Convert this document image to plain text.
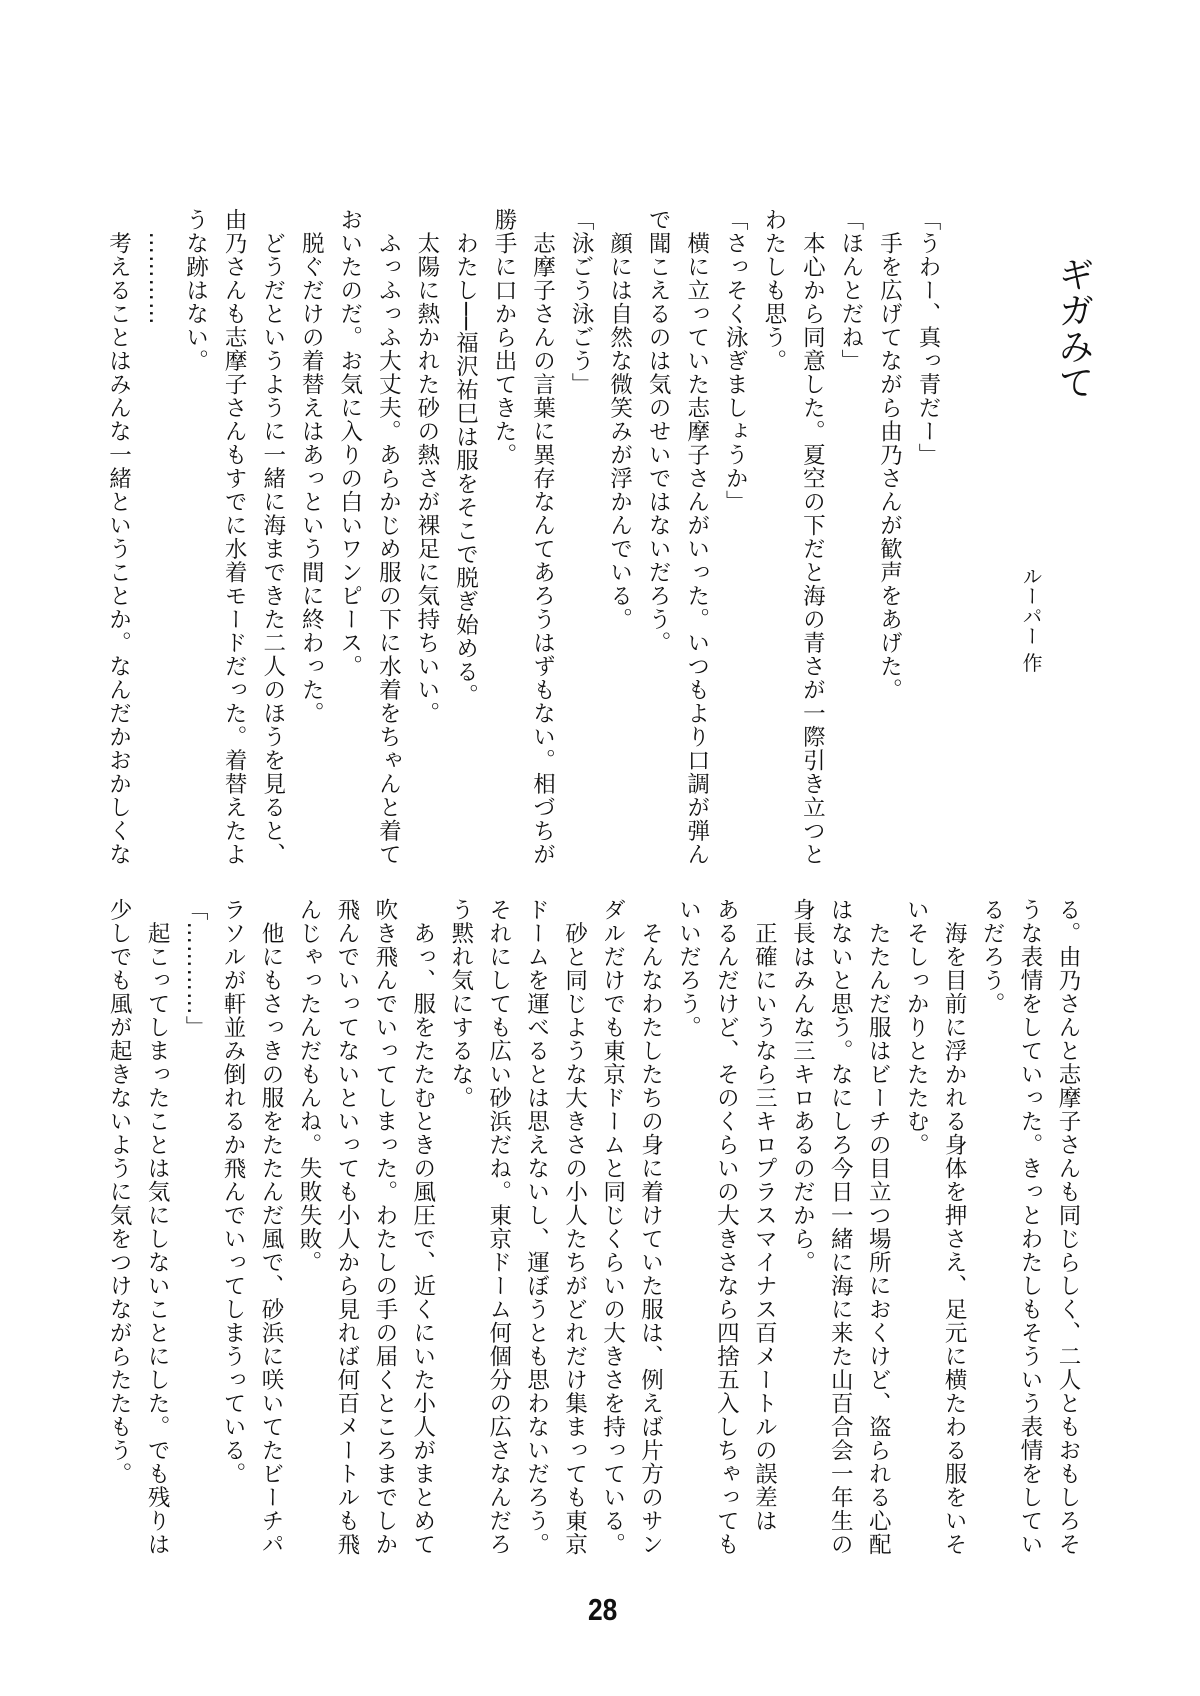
ギガみて
ルーパー 作
「うわー、真っ青だー」
　手を広げてながら由乃さんが歓声をあげた。
「ほんとだね」
　本心から同意した。夏空の下だと海の青さが一際引き立つと
わたしも思う。
「さっそく泳ぎましょうか」
　横に立っていた志摩子さんがいった。いつもより口調が弾ん
で聞こえるのは気のせいではないだろう。
　顔には自然な微笑みが浮かんでいる。
「泳ごう泳ごう」
　志摩子さんの言葉に異存なんてあろうはずもない。相づちが
勝手に口から出てきた。
　わたし──福沢祐巳は服をそこで脱ぎ始める。
　太陽に熱かれた砂の熱さが裸足に気持ちいい。
　ふっふっふ大丈夫。あらかじめ服の下に水着をちゃんと着て
おいたのだ。お気に入りの白いワンピース。
　脱ぐだけの着替えはあっという間に終わった。
　どうだというように一緒に海まできた二人のほうを見ると、
由乃さんも志摩子さんもすでに水着モードだった。着替えたよ
うな跡はない。
　…………
　考えることはみんな一緒ということか。なんだかおかしくな
る。由乃さんと志摩子さんも同じらしく、二人ともおもしろそ
うな表情をしていった。きっとわたしもそういう表情をしてい
るだろう。
　海を目前に浮かれる身体を押さえ、足元に横たわる服をいそ
いそしっかりとたたむ。
　たたんだ服はビーチの目立つ場所におくけど、盗られる心配
はないと思う。なにしろ今日一緒に海に来た山百合会一年生の
身長はみんな三キロあるのだから。
　正確にいうなら三キロプラスマイナス百メートルの誤差は
あるんだけど、そのくらいの大きさなら四捨五入しちゃっても
いいだろう。
　そんなわたしたちの身に着けていた服は、例えば片方のサン
ダルだけでも東京ドームと同じくらいの大きさを持っている。
　砂と同じような大きさの小人たちがどれだけ集まっても東京
ドームを運べるとは思えないし、運ぼうとも思わないだろう。
それにしても広い砂浜だね。東京ドーム何個分の広さなんだろ
う黙れ気にするな。
　あっ、服をたたむときの風圧で、近くにいた小人がまとめて
吹き飛んでいってしまった。わたしの手の届くところまでしか
飛んでいってないといっても小人から見れば何百メートルも飛
んじゃったんだもんね。失敗失敗。
　他にもさっきの服をたたんだ風で、砂浜に咲いてたビーチパ
ラソルが軒並み倒れるか飛んでいってしまうっている。
「…………」
　起こってしまったことは気にしないことにした。でも残りは
少しでも風が起きないように気をつけながらたたもう。
28
